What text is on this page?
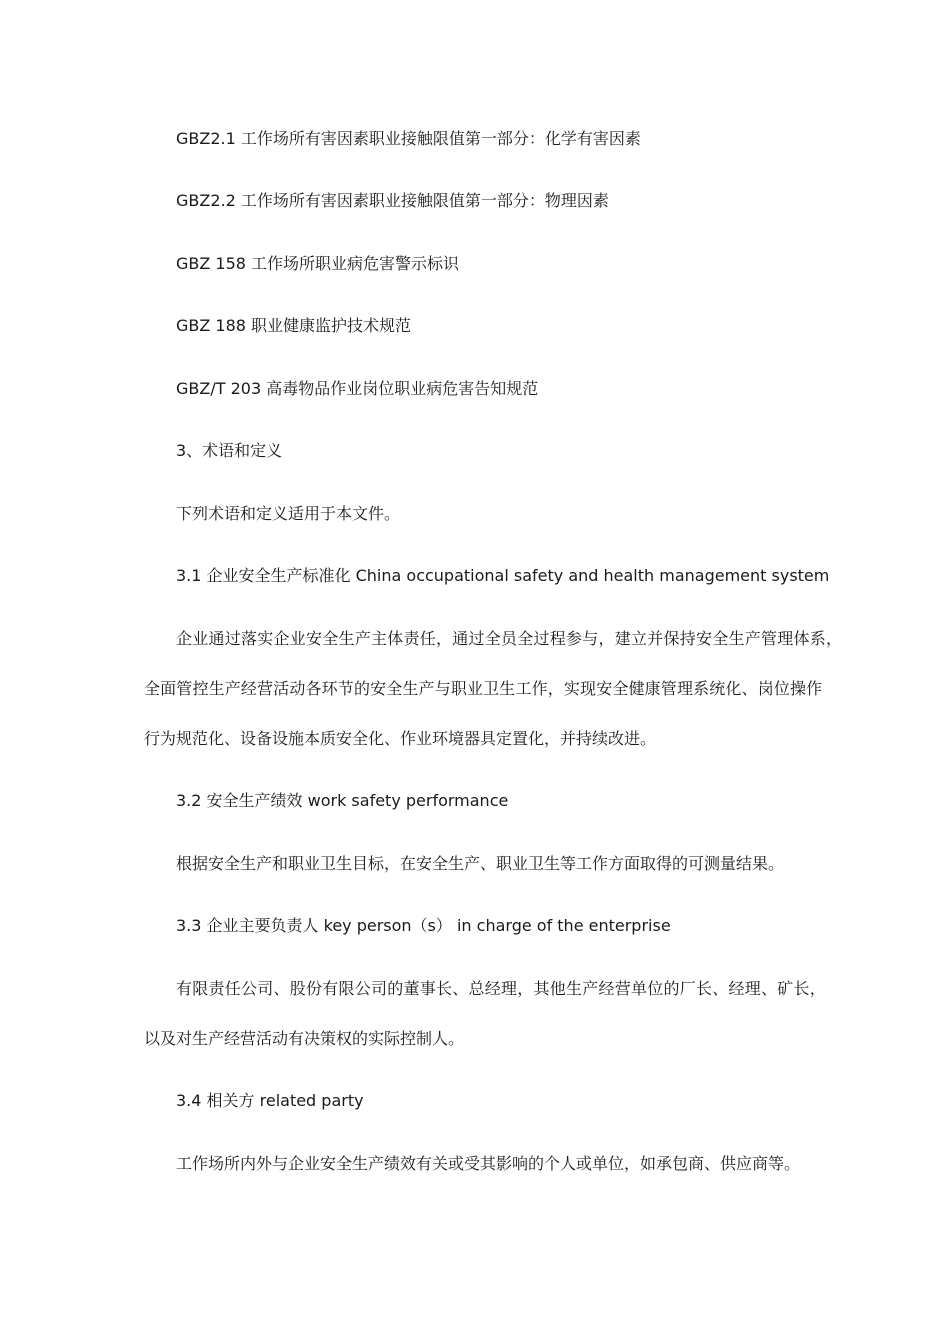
GBZ2.1 工作场所有害因素职业接触限值第一部分：化学有害因素

GBZ2.2 工作场所有害因素职业接触限值第一部分：物理因素

GBZ 158 工作场所职业病危害警示标识

GBZ 188 职业健康监护技术规范

GBZ/T 203 高毒物品作业岗位职业病危害告知规范

3、术语和定义

下列术语和定义适用于本文件。

3.1 企业安全生产标准化 China occupational safety and health management system

企业通过落实企业安全生产主体责任，通过全员全过程参与，建立并保持安全生产管理体系，

全面管控生产经营活动各环节的安全生产与职业卫生工作，实现安全健康管理系统化、岗位操作

行为规范化、设备设施本质安全化、作业环境器具定置化，并持续改进。

3.2 安全生产绩效 work safety performance

根据安全生产和职业卫生目标，在安全生产、职业卫生等工作方面取得的可测量结果。

3.3 企业主要负责人 key person（s） in charge of the enterprise

有限责任公司、股份有限公司的董事长、总经理，其他生产经营单位的厂长、经理、矿长，

以及对生产经营活动有决策权的实际控制人。

3.4 相关方 related party

工作场所内外与企业安全生产绩效有关或受其影响的个人或单位，如承包商、供应商等。
